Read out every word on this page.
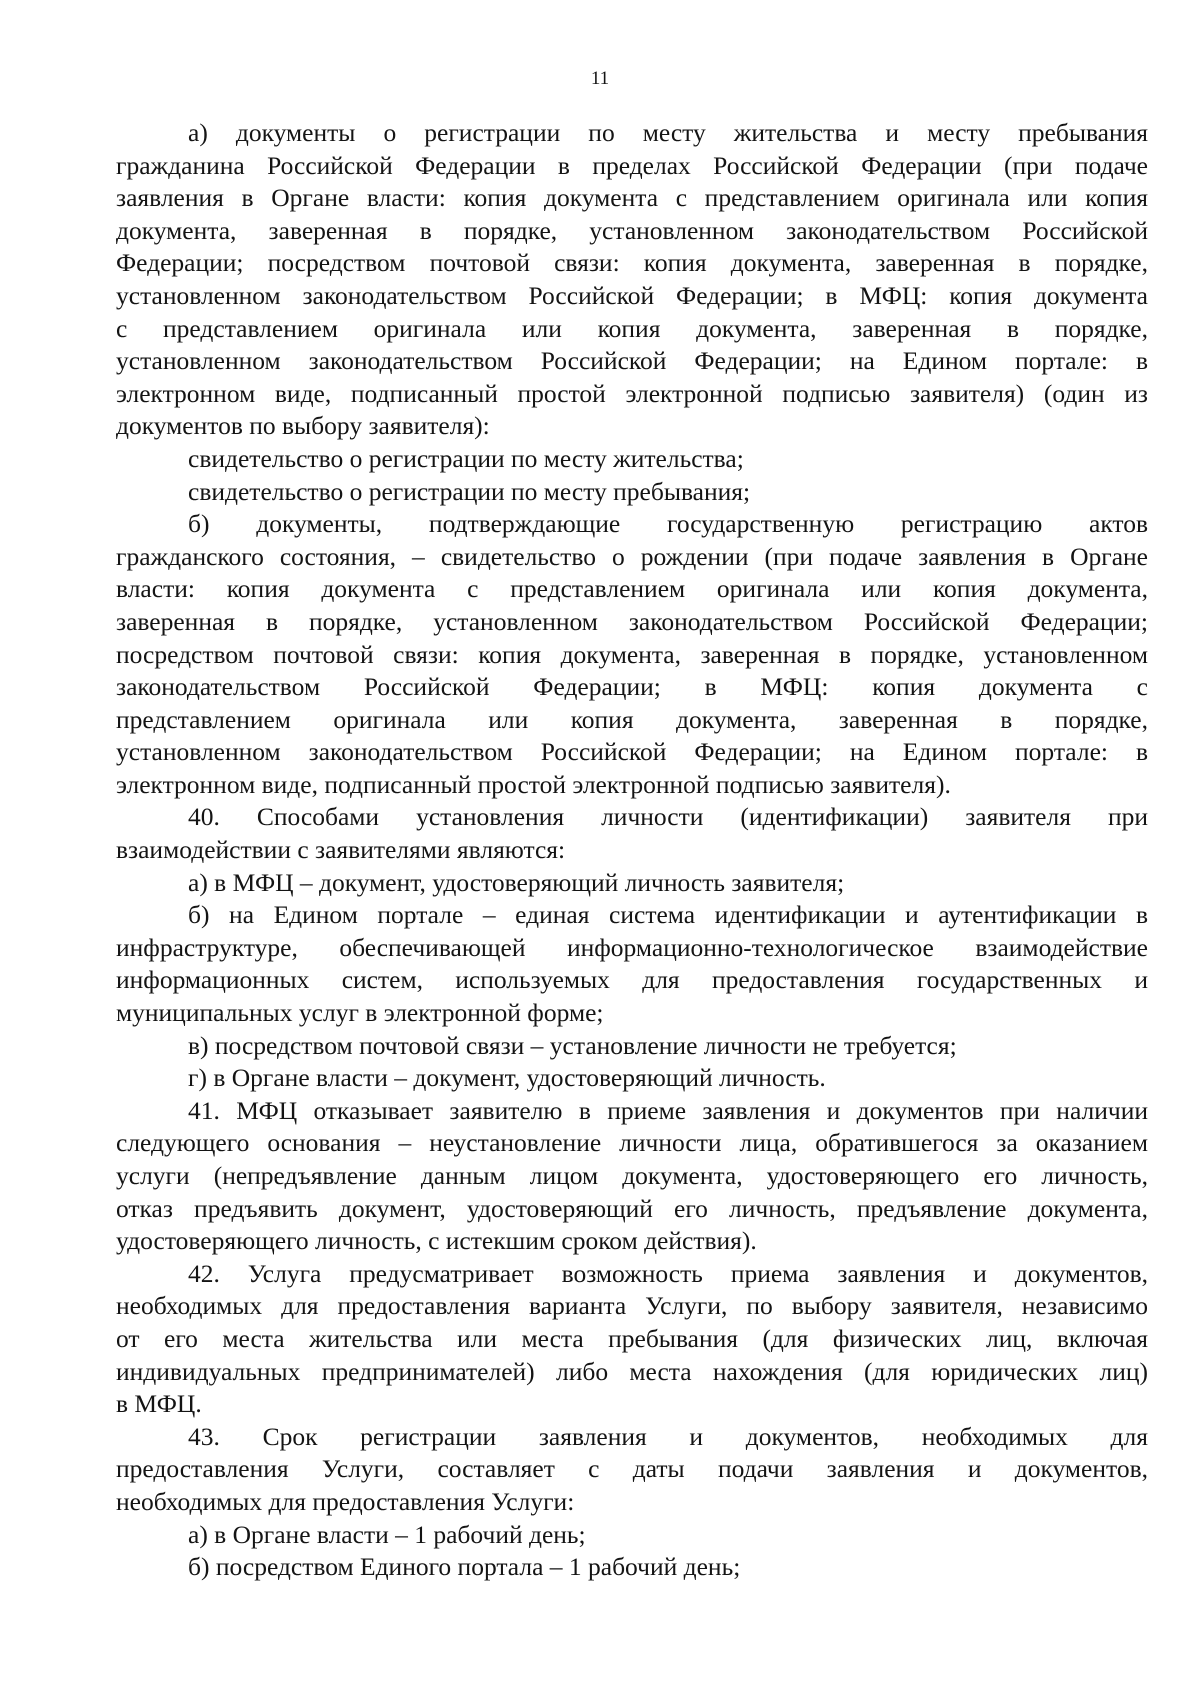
11
а) документы о регистрации по месту жительства и месту пребывания
гражданина Российской Федерации в пределах Российской Федерации (при подаче
заявления в Органе власти: копия документа с представлением оригинала или копия
документа, заверенная в порядке, установленном законодательством Российской
Федерации; посредством почтовой связи: копия документа, заверенная в порядке,
установленном законодательством Российской Федерации; в МФЦ: копия документа
с представлением оригинала или копия документа, заверенная в порядке,
установленном законодательством Российской Федерации; на Едином портале: в
электронном виде, подписанный простой электронной подписью заявителя) (один из
документов по выбору заявителя):
свидетельство о регистрации по месту жительства;
свидетельство о регистрации по месту пребывания;
б) документы, подтверждающие государственную регистрацию актов
гражданского состояния, – свидетельство о рождении (при подаче заявления в Органе
власти: копия документа с представлением оригинала или копия документа,
заверенная в порядке, установленном законодательством Российской Федерации;
посредством почтовой связи: копия документа, заверенная в порядке, установленном
законодательством Российской Федерации; в МФЦ: копия документа с
представлением оригинала или копия документа, заверенная в порядке,
установленном законодательством Российской Федерации; на Едином портале: в
электронном виде, подписанный простой электронной подписью заявителя).
40. Способами установления личности (идентификации) заявителя при
взаимодействии с заявителями являются:
а) в МФЦ – документ, удостоверяющий личность заявителя;
б) на Едином портале – единая система идентификации и аутентификации в
инфраструктуре, обеспечивающей информационно-технологическое взаимодействие
информационных систем, используемых для предоставления государственных и
муниципальных услуг в электронной форме;
в) посредством почтовой связи – установление личности не требуется;
г) в Органе власти – документ, удостоверяющий личность.
41. МФЦ отказывает заявителю в приеме заявления и документов при наличии
следующего основания – неустановление личности лица, обратившегося за оказанием
услуги (непредъявление данным лицом документа, удостоверяющего его личность,
отказ предъявить документ, удостоверяющий его личность, предъявление документа,
удостоверяющего личность, с истекшим сроком действия).
42. Услуга предусматривает возможность приема заявления и документов,
необходимых для предоставления варианта Услуги, по выбору заявителя, независимо
от его места жительства или места пребывания (для физических лиц, включая
индивидуальных предпринимателей) либо места нахождения (для юридических лиц)
в МФЦ.
43. Срок регистрации заявления и документов, необходимых для
предоставления Услуги, составляет с даты подачи заявления и документов,
необходимых для предоставления Услуги:
а) в Органе власти – 1 рабочий день;
б) посредством Единого портала – 1 рабочий день;
